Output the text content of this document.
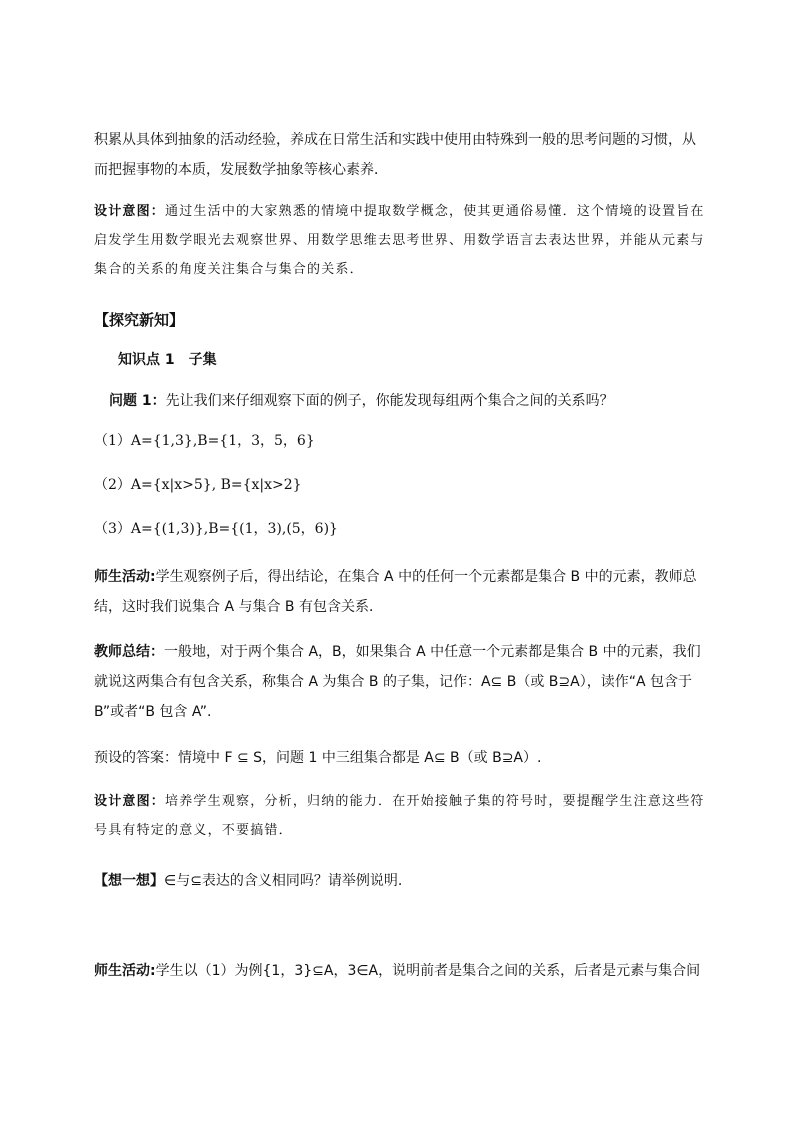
积累从具体到抽象的活动经验，养成在日常生活和实践中使用由特殊到一般的思考问题的习惯，从
而把握事物的本质，发展数学抽象等核心素养．
设计意图：通过生活中的大家熟悉的情境中提取数学概念，使其更通俗易懂．这个情境的设置旨在
启发学生用数学眼光去观察世界、用数学思维去思考世界、用数学语言去表达世界，并能从元素与
集合的关系的角度关注集合与集合的关系．
【探究新知】
知识点 1　子集
问题 1：先让我们来仔细观察下面的例子，你能发现每组两个集合之间的关系吗？
（1）A={1,3},B={1，3，5，6}
（2）A={x|x>5}, B={x|x>2}
（3）A={(1,3)},B={(1，3),(5，6)}
师生活动:学生观察例子后，得出结论，在集合 A 中的任何一个元素都是集合 B 中的元素，教师总
结，这时我们说集合 A 与集合 B 有包含关系．
教师总结：一般地，对于两个集合 A，B，如果集合 A 中任意一个元素都是集合 B 中的元素，我们
就说这两集合有包含关系，称集合 A 为集合 B 的子集，记作：A⊆ B（或 B⊇A），读作“A 包含于
B”或者“B 包含 A”.
预设的答案：情境中 F ⊆ S，问题 1 中三组集合都是 A⊆ B（或 B⊇A）.
设计意图：培养学生观察，分析，归纳的能力．在开始接触子集的符号时，要提醒学生注意这些符
号具有特定的意义，不要搞错．
【想一想】∈与⊆表达的含义相同吗？请举例说明.
师生活动:学生以（1）为例{1，3}⊆A，3∈A，说明前者是集合之间的关系，后者是元素与集合间
